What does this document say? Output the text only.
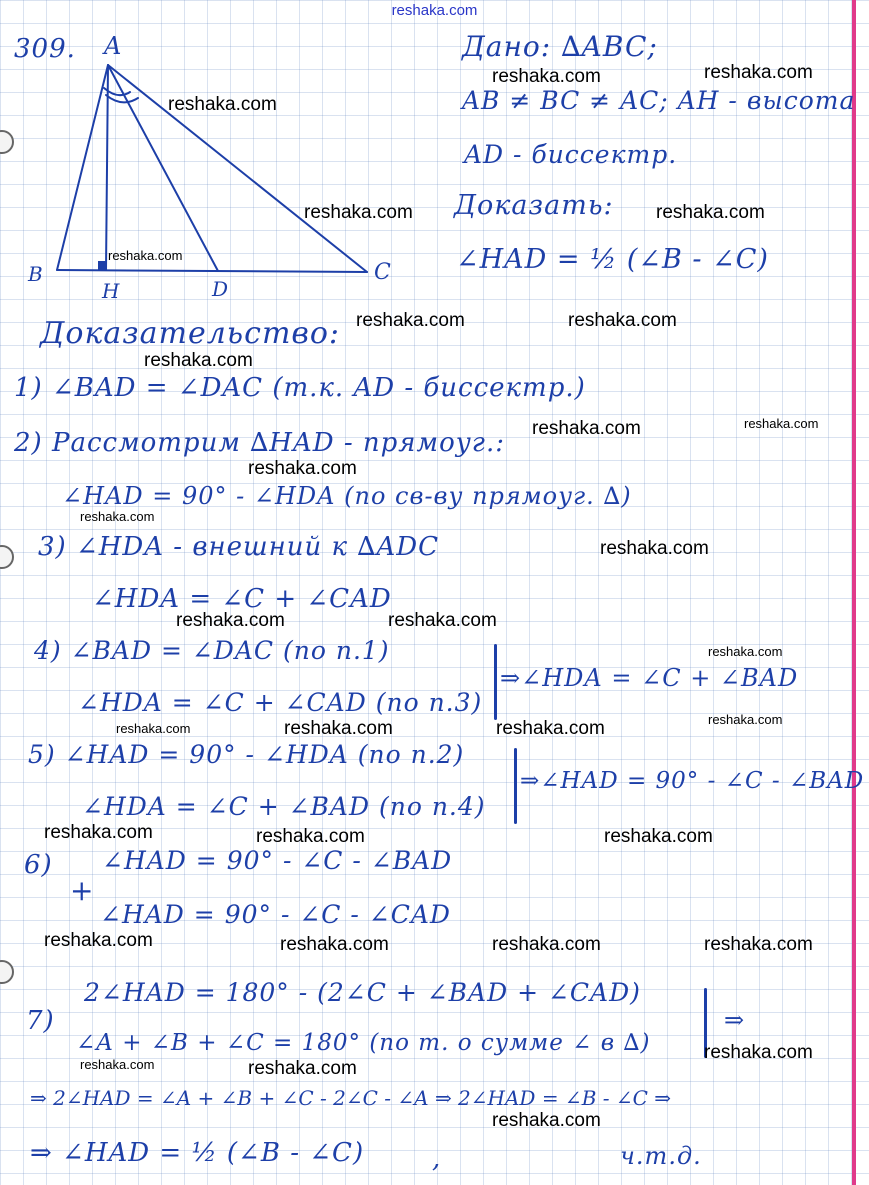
reshaka.com
309. A
B	C
H	D
reshaka.com
Дано: ∆ABC;
AB ≠ BC ≠ AC; AH - высота
AD - биссектр.
Доказать:
∠HAD = ½ (∠B - ∠C)
Доказательство:
1) ∠BAD = ∠DAC (т.к. AD - биссектр.)
2) Рассмотрим ∆HAD - прямоуг.:
∠HAD = 90° - ∠HDA (по св-ву прямоуг. ∆)
3) ∠HDA - внешний к ∆ADC
∠HDA = ∠C + ∠CAD
4) ∠BAD = ∠DAC (по п.1)
∠HDA = ∠C + ∠CAD (по п.3)
⇒∠HDA = ∠C + ∠BAD
5) ∠HAD = 90° - ∠HDA (по п.2)
∠HDA = ∠C + ∠BAD (по п.4)
⇒∠HAD = 90° - ∠C - ∠BAD
6) ∠HAD = 90° - ∠C - ∠BAD
+
∠HAD = 90° - ∠C - ∠CAD
2∠HAD = 180° - (2∠C + ∠BAD + ∠CAD)
7)
∠A + ∠B + ∠C = 180° (по т. о сумме ∠ в ∆)
⇒
⇒ 2∠HAD = ∠A + ∠B + ∠C - 2∠C - ∠A ⇒ 2∠HAD = ∠B - ∠C ⇒
⇒ ∠HAD = ½ (∠B - ∠C)	,	ч.т.д.
reshaka.com	reshaka.com
reshaka.com
reshaka.com	reshaka.com
reshaka.com	reshaka.com
reshaka.com
reshaka.com	reshaka.com
reshaka.com
reshaka.com
reshaka.com
reshaka.com	reshaka.com
reshaka.com
reshaka.com	reshaka.com	reshaka.com	reshaka.com
reshaka.com	reshaka.com	reshaka.com
reshaka.com	reshaka.com	reshaka.com	reshaka.com
reshaka.com
reshaka.com	reshaka.com
reshaka.com
